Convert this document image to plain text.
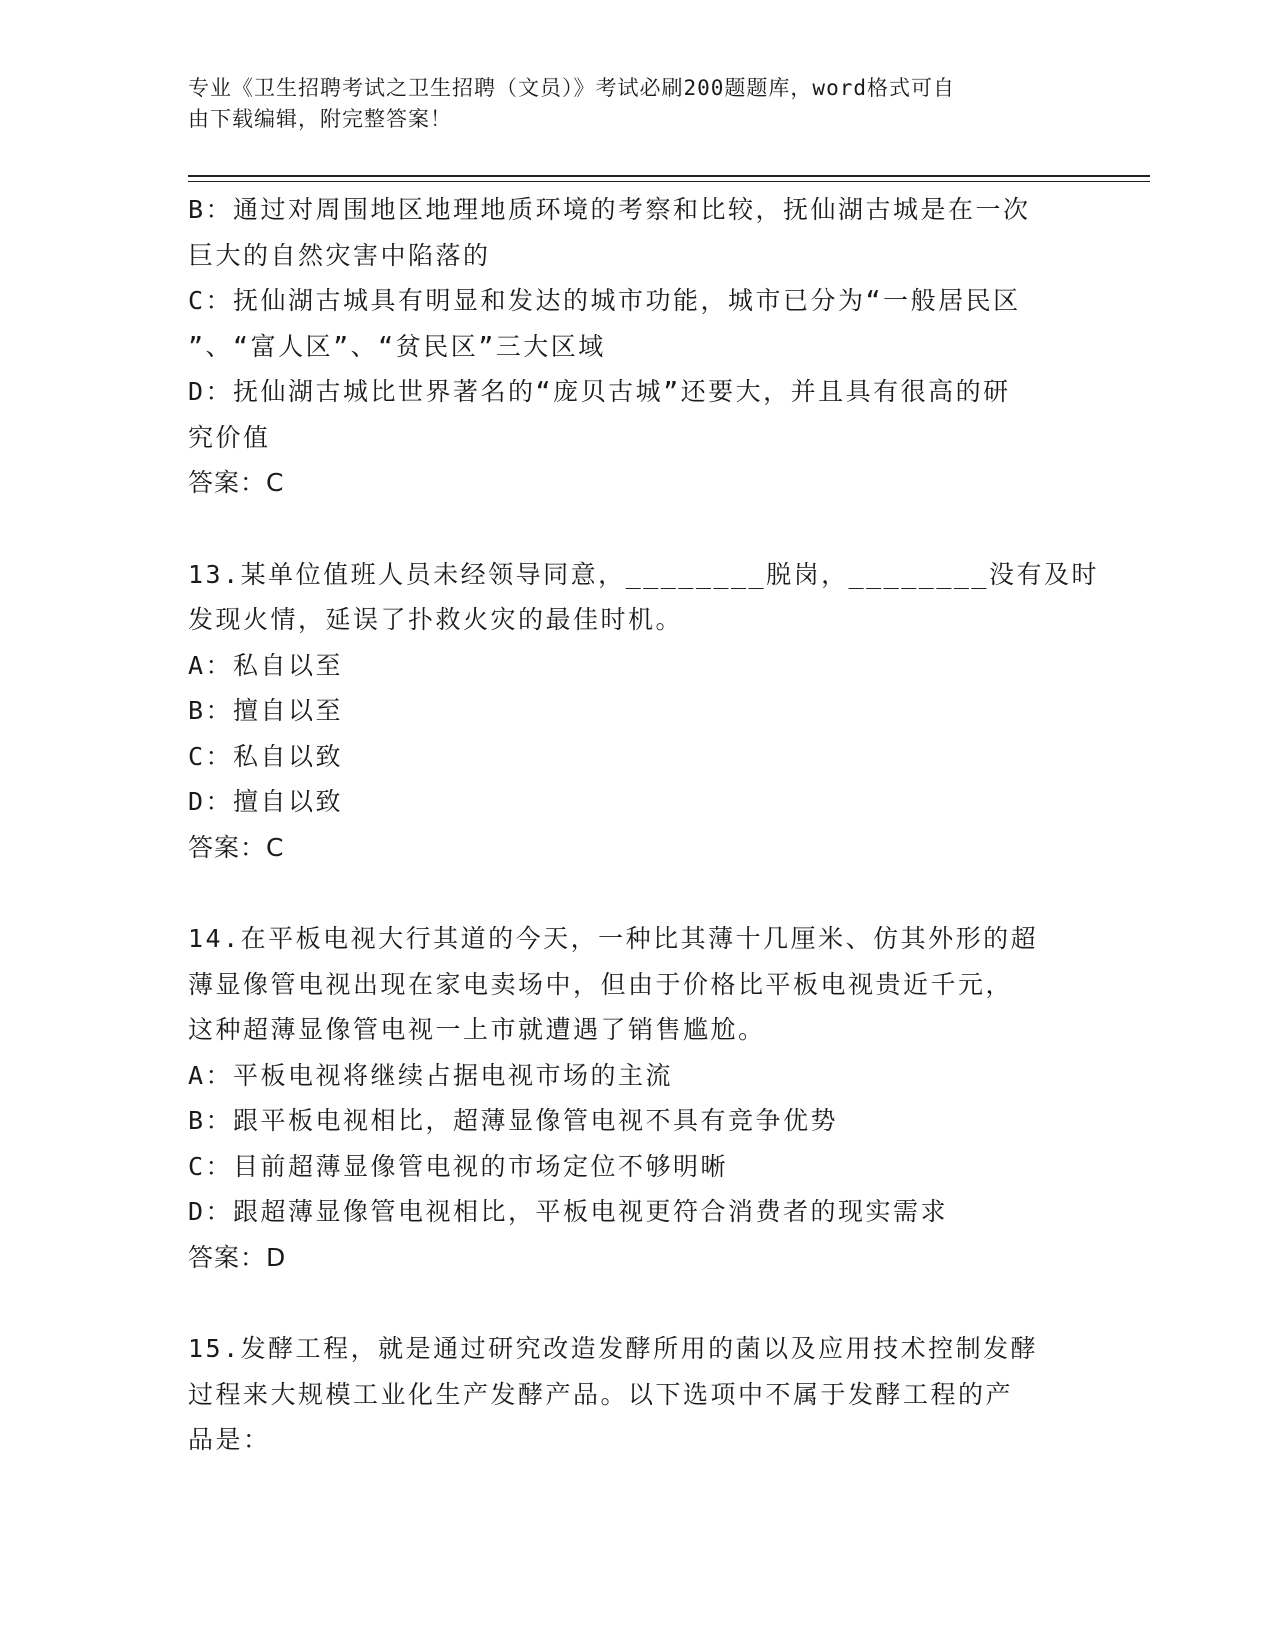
专业《卫生招聘考试之卫生招聘（文员）》考试必刷200题题库，word格式可自
由下载编辑，附完整答案！
B：通过对周围地区地理地质环境的考察和比较，抚仙湖古城是在一次
巨大的自然灾害中陷落的
C：抚仙湖古城具有明显和发达的城市功能，城市已分为“一般居民区
”、“富人区”、“贫民区”三大区域
D：抚仙湖古城比世界著名的“庞贝古城”还要大，并且具有很高的研
究价值
答案：C
13.某单位值班人员未经领导同意，________脱岗，________没有及时
发现火情，延误了扑救火灾的最佳时机。
A：私自以至
B：擅自以至
C：私自以致
D：擅自以致
答案：C
14.在平板电视大行其道的今天，一种比其薄十几厘米、仿其外形的超
薄显像管电视出现在家电卖场中，但由于价格比平板电视贵近千元，
这种超薄显像管电视一上市就遭遇了销售尴尬。
A：平板电视将继续占据电视市场的主流
B：跟平板电视相比，超薄显像管电视不具有竞争优势
C：目前超薄显像管电视的市场定位不够明晰
D：跟超薄显像管电视相比，平板电视更符合消费者的现实需求
答案：D
15.发酵工程，就是通过研究改造发酵所用的菌以及应用技术控制发酵
过程来大规模工业化生产发酵产品。以下选项中不属于发酵工程的产
品是：
